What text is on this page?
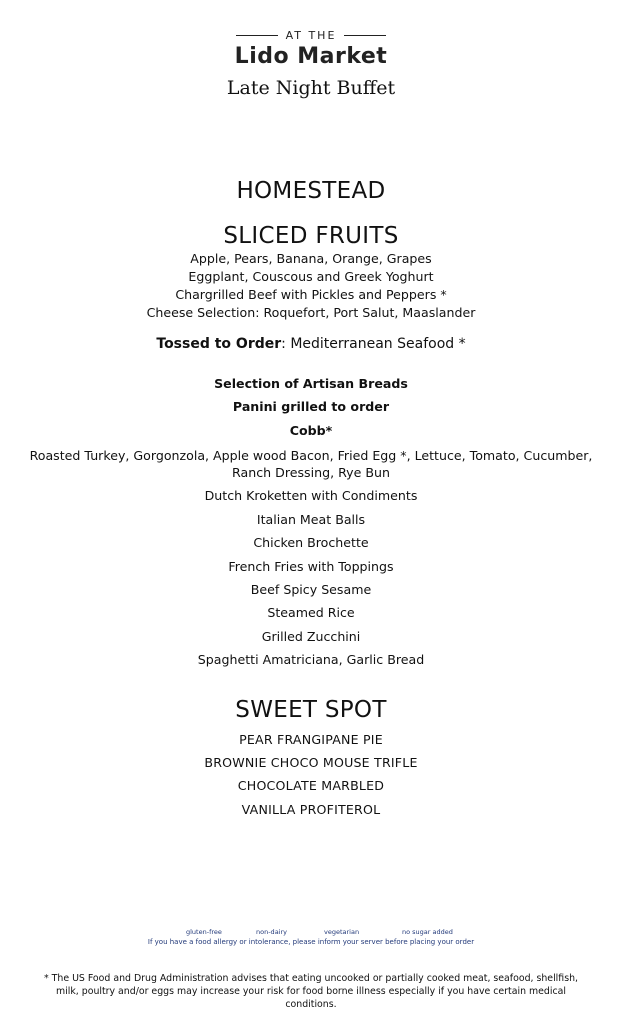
AT THE
Lido Market
Late Night Buffet
HOMESTEAD
SLICED FRUITS
Apple, Pears, Banana, Orange, Grapes
Eggplant, Couscous and Greek Yoghurt
Chargrilled Beef with Pickles and Peppers *
Cheese Selection: Roquefort, Port Salut, Maaslander
Tossed to Order: Mediterranean Seafood *
Selection of Artisan Breads
Panini grilled to order
Cobb*
Roasted Turkey, Gorgonzola, Apple wood Bacon, Fried Egg *, Lettuce, Tomato, Cucumber,
Ranch Dressing, Rye Bun
Dutch Kroketten with Condiments
Italian Meat Balls
Chicken Brochette
French Fries with Toppings
Beef Spicy Sesame
Steamed Rice
Grilled Zucchini
Spaghetti Amatriciana, Garlic Bread
SWEET SPOT
PEAR FRANGIPANE PIE
BROWNIE CHOCO MOUSE TRIFLE
CHOCOLATE MARBLED
VANILLA PROFITEROL
gluten-free	non-dairy	vegetarian	no sugar added
If you have a food allergy or intolerance, please inform your server before placing your order
* The US Food and Drug Administration advises that eating uncooked or partially cooked meat, seafood, shellfish, milk, poultry and/or eggs may increase your risk for food borne illness especially if you have certain medical conditions.
